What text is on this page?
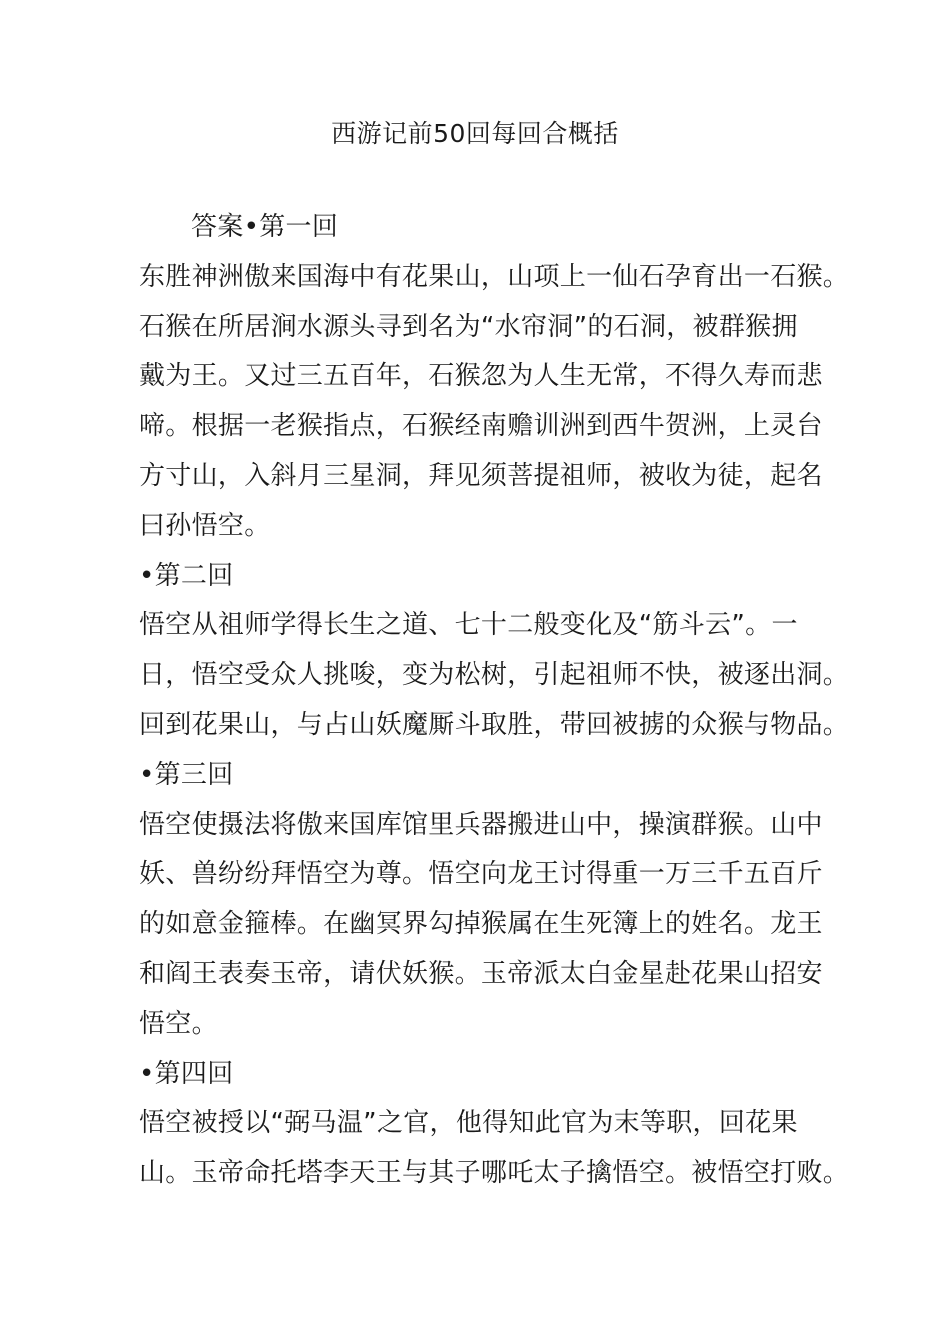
西游记前50回每回合概括
答案•第一回
东胜神洲傲来国海中有花果山，山项上一仙石孕育出一石猴。
石猴在所居涧水源头寻到名为“水帘洞”的石洞，被群猴拥
戴为王。又过三五百年，石猴忽为人生无常，不得久寿而悲
啼。根据一老猴指点，石猴经南赡训洲到西牛贺洲，上灵台
方寸山，入斜月三星洞，拜见须菩提祖师，被收为徒，起名
曰孙悟空。
•第二回
悟空从祖师学得长生之道、七十二般变化及“筋斗云”。一
日，悟空受众人挑唆，变为松树，引起祖师不快，被逐出洞。
回到花果山，与占山妖魔厮斗取胜，带回被掳的众猴与物品。
•第三回
悟空使摄法将傲来国库馆里兵器搬进山中，操演群猴。山中
妖、兽纷纷拜悟空为尊。悟空向龙王讨得重一万三千五百斤
的如意金箍棒。在幽冥界勾掉猴属在生死簿上的姓名。龙王
和阎王表奏玉帝，请伏妖猴。玉帝派太白金星赴花果山招安
悟空。
•第四回
悟空被授以“弼马温”之官，他得知此官为末等职，回花果
山。玉帝命托塔李天王与其子哪吒太子擒悟空。被悟空打败。
